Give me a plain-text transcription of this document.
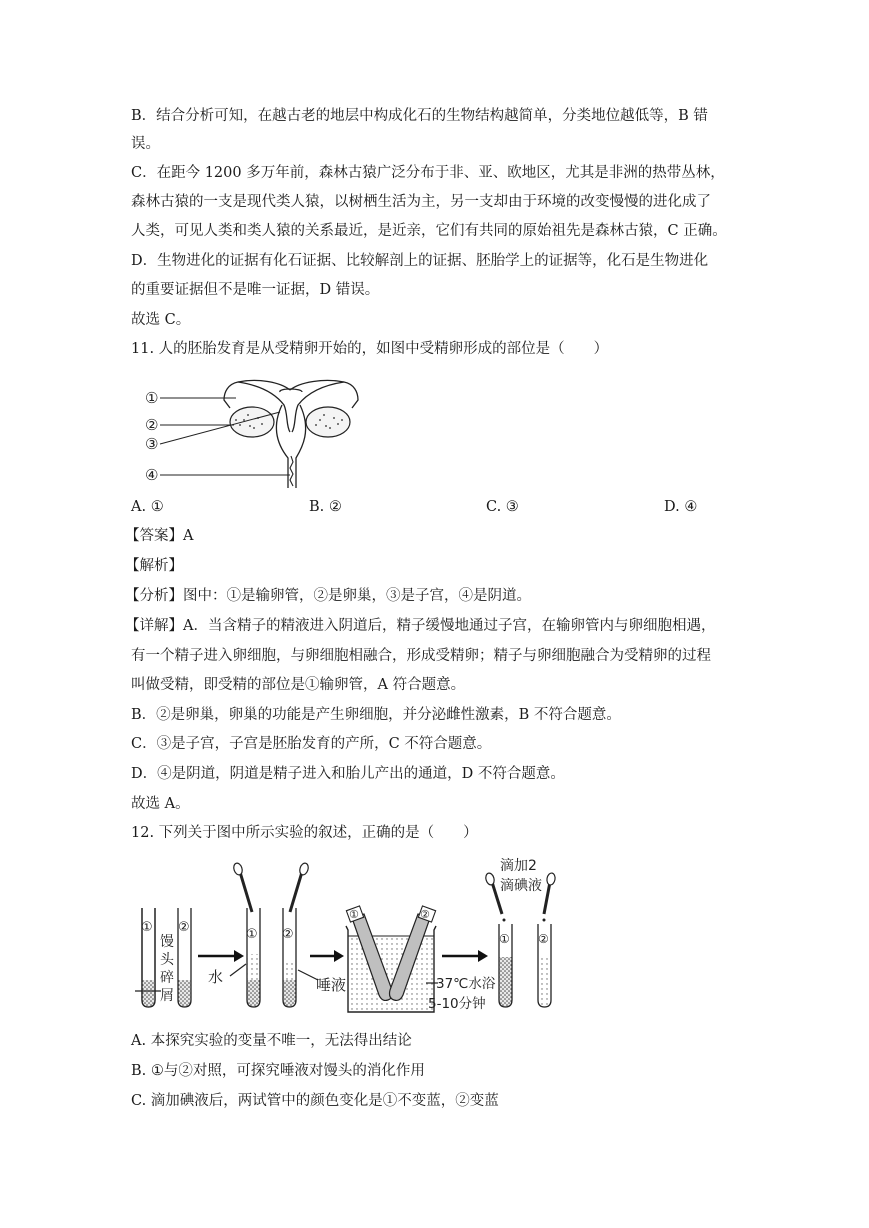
B．结合分析可知，在越古老的地层中构成化石的生物结构越简单，分类地位越低等，B 错
误。
C．在距今 1200 多万年前，森林古猿广泛分布于非、亚、欧地区，尤其是非洲的热带丛林，
森林古猿的一支是现代类人猿，以树栖生活为主，另一支却由于环境的改变慢慢的进化成了
人类，可见人类和类人猿的关系最近，是近亲，它们有共同的原始祖先是森林古猿，C 正确。
D．生物进化的证据有化石证据、比较解剖上的证据、胚胎学上的证据等，化石是生物进化
的重要证据但不是唯一证据，D 错误。
故选 C。
11. 人的胚胎发育是从受精卵开始的，如图中受精卵形成的部位是（　　）
①
②
③
④
A. ①	B. ②	C. ③	D. ④
【答案】A
【解析】
【分析】图中：①是输卵管，②是卵巢，③是子宫，④是阴道。
【详解】A．当含精子的精液进入阴道后，精子缓慢地通过子宫，在输卵管内与卵细胞相遇，
有一个精子进入卵细胞，与卵细胞相融合，形成受精卵；精子与卵细胞融合为受精卵的过程
叫做受精，即受精的部位是①输卵管，A 符合题意。
B．②是卵巢，卵巢的功能是产生卵细胞，并分泌雌性激素，B 不符合题意。
C．③是子宫，子宫是胚胎发育的产所，C 不符合题意。
D．④是阴道，阴道是精子进入和胎儿产出的通道，D 不符合题意。
故选 A。
12. 下列关于图中所示实验的叙述，正确的是（　　）
① ②
馒
头
碎
屑
① ②
水	唾液
①	②
37℃水浴
5-10分钟
滴加2
滴碘液
① ②
A. 本探究实验的变量不唯一，无法得出结论
B. ①与②对照，可探究唾液对馒头的消化作用
C. 滴加碘液后，两试管中的颜色变化是①不变蓝，②变蓝
